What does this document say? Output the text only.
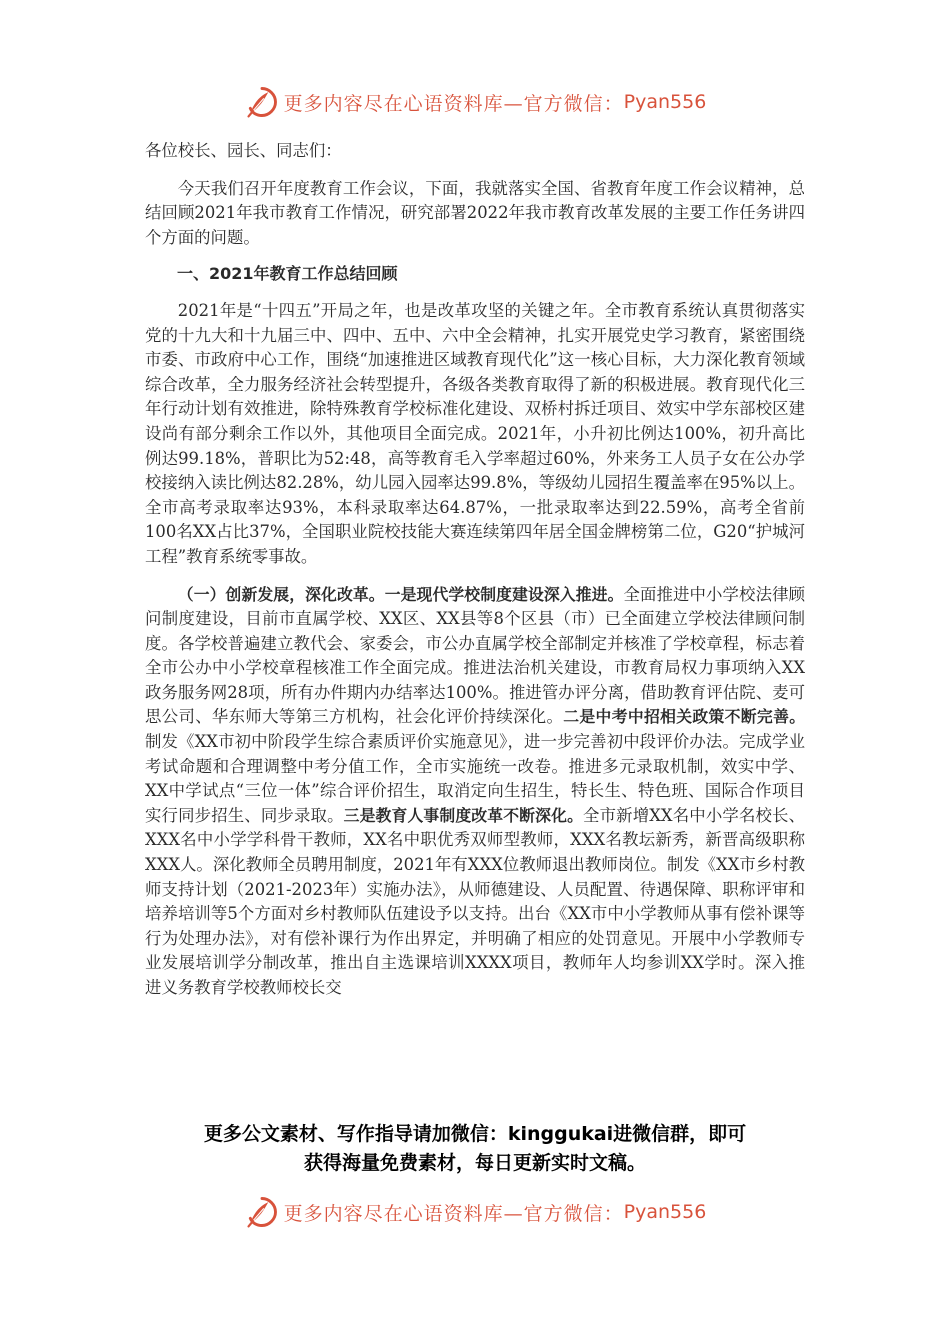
更多内容尽在心语资料库—官方微信： Pyan556

各位校长、园长、同志们：

今天我们召开年度教育工作会议，下面，我就落实全国、省教育年度工作会议精神，总结回顾2021年我市教育工作情况，研究部署2022年我市教育改革发展的主要工作任务讲四个方面的问题。

一、2021年教育工作总结回顾

2021年是“十四五”开局之年，也是改革攻坚的关键之年。全市教育系统认真贯彻落实党的十九大和十九届三中、四中、五中、六中全会精神，扎实开展党史学习教育，紧密围绕市委、市政府中心工作，围绕“加速推进区域教育现代化”这一核心目标，大力深化教育领域综合改革，全力服务经济社会转型提升，各级各类教育取得了新的积极进展。教育现代化三年行动计划有效推进，除特殊教育学校标准化建设、双桥村拆迁项目、效实中学东部校区建设尚有部分剩余工作以外，其他项目全面完成。2021年，小升初比例达100%，初升高比例达99.18%，普职比为52:48，高等教育毛入学率超过60%，外来务工人员子女在公办学校接纳入读比例达82.28%，幼儿园入园率达99.8%，等级幼儿园招生覆盖率在95%以上。全市高考录取率达93%，本科录取率达64.87%，一批录取率达到22.59%，高考全省前100名XX占比37%，全国职业院校技能大赛连续第四年居全国金牌榜第二位，G20“护城河工程”教育系统零事故。

（一）创新发展，深化改革。一是现代学校制度建设深入推进。全面推进中小学校法律顾问制度建设，目前市直属学校、XX区、XX县等8个区县（市）已全面建立学校法律顾问制度。各学校普遍建立教代会、家委会，市公办直属学校全部制定并核准了学校章程，标志着全市公办中小学校章程核准工作全面完成。推进法治机关建设，市教育局权力事项纳入XX政务服务网28项，所有办件期内办结率达100%。推进管办评分离，借助教育评估院、麦可思公司、华东师大等第三方机构，社会化评价持续深化。二是中考中招相关政策不断完善。制发《XX市初中阶段学生综合素质评价实施意见》，进一步完善初中段评价办法。完成学业考试命题和合理调整中考分值工作，全市实施统一改卷。推进多元录取机制，效实中学、XX中学试点“三位一体”综合评价招生，取消定向生招生，特长生、特色班、国际合作项目实行同步招生、同步录取。三是教育人事制度改革不断深化。全市新增XX名中小学名校长、XXX名中小学学科骨干教师，XX名中职优秀双师型教师，XXX名教坛新秀，新晋高级职称XXX人。深化教师全员聘用制度，2021年有XXX位教师退出教师岗位。制发《XX市乡村教师支持计划（2021-2023年）实施办法》，从师德建设、人员配置、待遇保障、职称评审和培养培训等5个方面对乡村教师队伍建设予以支持。出台《XX市中小学教师从事有偿补课等行为处理办法》，对有偿补课行为作出界定，并明确了相应的处罚意见。开展中小学教师专业发展培训学分制改革，推出自主选课培训XXXX项目，教师年人均参训XX学时。深入推进义务教育学校教师校长交

更多公文素材、写作指导请加微信：kinggukai进微信群，即可
获得海量免费素材，每日更新实时文稿。
更多内容尽在心语资料库—官方微信： Pyan556
